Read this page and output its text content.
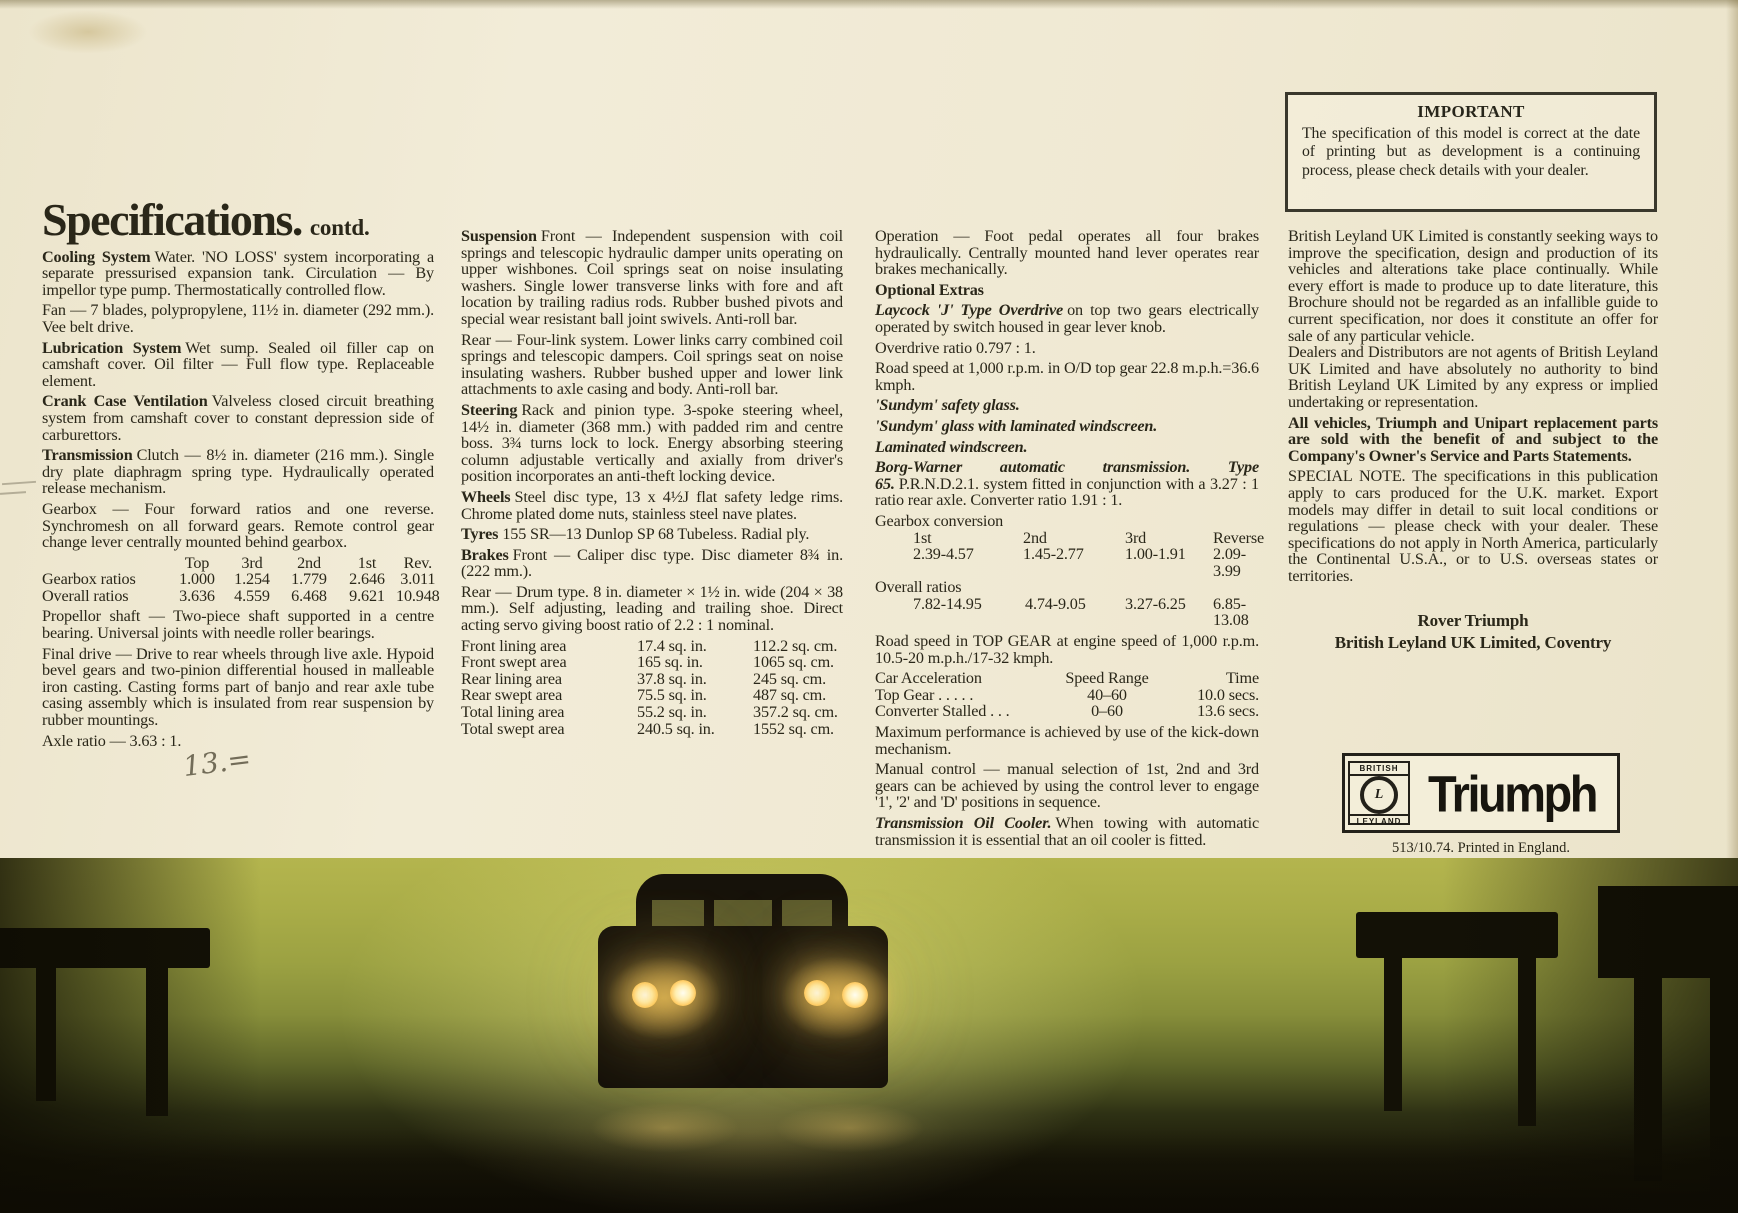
IMPORTANT
The specification of this model is correct at the date of printing but as development is a continuing process, please check details with your dealer.
Specifications. contd.

Cooling System Water. 'NO LOSS' system incorporating a separate pressurised expansion tank. Circulation — By impellor type pump. Thermostatically controlled flow.

Fan — 7 blades, polypropylene, 11½ in. diameter (292 mm.). Vee belt drive.

Lubrication System Wet sump. Sealed oil filler cap on camshaft cover. Oil filter — Full flow type. Replaceable element.

Crank Case Ventilation Valveless closed circuit breathing system from camshaft cover to constant depression side of carburettors.

Transmission Clutch — 8½ in. diameter (216 mm.). Single dry plate diaphragm spring type. Hydraulically operated release mechanism.

Gearbox — Four forward ratios and one reverse. Synchromesh on all forward gears. Remote control gear change lever centrally mounted behind gearbox.

Top	3rd	2nd	1st	Rev.
Gearbox ratios	1.000	1.254	1.779	2.646 3.011
Overall ratios	3.636	4.559	6.468	9.621 10.948

Propellor shaft — Two-piece shaft supported in a centre bearing. Universal joints with needle roller bearings.

Final drive — Drive to rear wheels through live axle. Hypoid bevel gears and two-pinion differential housed in malleable iron casting. Casting forms part of banjo and rear axle tube casing assembly which is insulated from rear suspension by rubber mountings.

Axle ratio — 3.63 : 1.

Suspension Front — Independent suspension with coil springs and telescopic hydraulic damper units operating on upper wishbones. Coil springs seat on noise insulating washers. Single lower transverse links with fore and aft location by trailing radius rods. Rubber bushed pivots and special wear resistant ball joint swivels. Anti-roll bar.

Rear — Four-link system. Lower links carry combined coil springs and telescopic dampers. Coil springs seat on noise insulating washers. Rubber bushed upper and lower link attachments to axle casing and body. Anti-roll bar.

Steering Rack and pinion type. 3-spoke steering wheel, 14½ in. diameter (368 mm.) with padded rim and centre boss. 3¾ turns lock to lock. Energy absorbing steering column adjustable vertically and axially from driver's position incorporates an anti-theft locking device.

Wheels Steel disc type, 13 x 4½J flat safety ledge rims. Chrome plated dome nuts, stainless steel nave plates.

Tyres 155 SR—13 Dunlop SP 68 Tubeless. Radial ply.

Brakes Front — Caliper disc type. Disc diameter 8¾ in. (222 mm.).

Rear — Drum type. 8 in. diameter × 1½ in. wide (204 × 38 mm.). Self adjusting, leading and trailing shoe. Direct acting servo giving boost ratio of 2.2 : 1 nominal.

Front lining area	17.4 sq. in.	112.2 sq. cm.
Front swept area	165 sq. in.	1065 sq. cm.
Rear lining area	37.8 sq. in.	245 sq. cm.
Rear swept area	75.5 sq. in.	487 sq. cm.
Total lining area	55.2 sq. in.	357.2 sq. cm.
Total swept area	240.5 sq. in.	1552 sq. cm.

Operation — Foot pedal operates all four brakes hydraulically. Centrally mounted hand lever operates rear brakes mechanically.

Optional Extras

Laycock 'J' Type Overdrive on top two gears electrically operated by switch housed in gear lever knob.

Overdrive ratio 0.797 : 1.

Road speed at 1,000 r.p.m. in O/D top gear 22.8 m.p.h.=36.6 kmph.

'Sundym' safety glass.

'Sundym' glass with laminated windscreen.

Laminated windscreen.

Borg-Warner automatic transmission. Type 65. P.R.N.D.2.1. system fitted in conjunction with a 3.27 : 1 ratio rear axle. Converter ratio 1.91 : 1.

Gearbox conversion

1st	2nd	3rd	Reverse
2.39-4.57	1.45-2.77	1.00-1.91	2.09-3.99

Overall ratios

7.82-14.95	4.74-9.05	3.27-6.25	6.85-13.08

Road speed in TOP GEAR at engine speed of 1,000 r.p.m. 10.5-20 m.p.h./17-32 kmph.

Car Acceleration	Speed Range	Time
Top Gear . . . . .	40–60	10.0 secs.
Converter Stalled . . .	0–60	13.6 secs.

Maximum performance is achieved by use of the kick-down mechanism.

Manual control — manual selection of 1st, 2nd and 3rd gears can be achieved by using the control lever to engage '1', '2' and 'D' positions in sequence.

Transmission Oil Cooler. When towing with automatic transmission it is essential that an oil cooler is fitted.

British Leyland UK Limited is constantly seeking ways to improve the specification, design and production of its vehicles and alterations take place continually. While every effort is made to produce up to date literature, this Brochure should not be regarded as an infallible guide to current specification, nor does it constitute an offer for sale of any particular vehicle.

Dealers and Distributors are not agents of British Leyland UK Limited and have absolutely no authority to bind British Leyland UK Limited by any express or implied undertaking or representation.

All vehicles, Triumph and Unipart replacement parts are sold with the benefit of and subject to the Company's Owner's Service and Parts Statements.

SPECIAL NOTE. The specifications in this publication apply to cars produced for the U.K. market. Export models may differ in detail to suit local conditions or regulations — please check with your dealer. These specifications do not apply in North America, particularly the Continental U.S.A., or to U.S. overseas states or territories.

Rover Triumph
British Leyland UK Limited, Coventry
BRITISH
L
LEYLAND Triumph
513/10.74. Printed in England.
13.=
